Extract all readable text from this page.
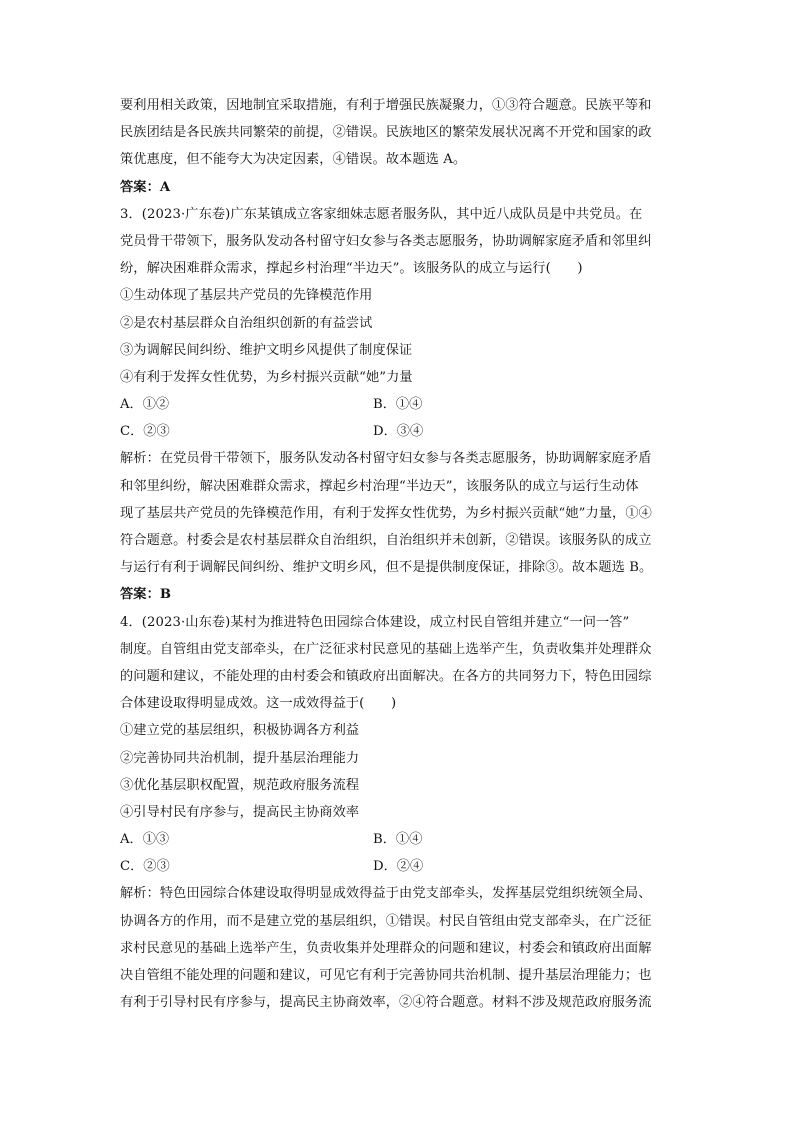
要利用相关政策，因地制宜采取措施，有利于增强民族凝聚力，①③符合题意。民族平等和
民族团结是各民族共同繁荣的前提，②错误。民族地区的繁荣发展状况离不开党和国家的政
策优惠度，但不能夸大为决定因素，④错误。故本题选 A。
答案：A
3．(2023·广东卷)广东某镇成立客家细妹志愿者服务队，其中近八成队员是中共党员。在
党员骨干带领下，服务队发动各村留守妇女参与各类志愿服务，协助调解家庭矛盾和邻里纠
纷，解决困难群众需求，撑起乡村治理“半边天”。该服务队的成立与运行(　　)
①生动体现了基层共产党员的先锋模范作用
②是农村基层群众自治组织创新的有益尝试
③为调解民间纠纷、维护文明乡风提供了制度保证
④有利于发挥女性优势，为乡村振兴贡献“她”力量
A．①②	B．①④
C．②③	D．③④
解析：在党员骨干带领下，服务队发动各村留守妇女参与各类志愿服务，协助调解家庭矛盾
和邻里纠纷，解决困难群众需求，撑起乡村治理“半边天”，该服务队的成立与运行生动体
现了基层共产党员的先锋模范作用，有利于发挥女性优势，为乡村振兴贡献“她”力量，①④
符合题意。村委会是农村基层群众自治组织，自治组织并未创新，②错误。该服务队的成立
与运行有利于调解民间纠纷、维护文明乡风，但不是提供制度保证，排除③。故本题选 B。
答案：B
4．(2023·山东卷)某村为推进特色田园综合体建设，成立村民自管组并建立“一问一答”
制度。自管组由党支部牵头，在广泛征求村民意见的基础上选举产生，负责收集并处理群众
的问题和建议，不能处理的由村委会和镇政府出面解决。在各方的共同努力下，特色田园综
合体建设取得明显成效。这一成效得益于(　　)
①建立党的基层组织，积极协调各方利益
②完善协同共治机制，提升基层治理能力
③优化基层职权配置，规范政府服务流程
④引导村民有序参与，提高民主协商效率
A．①③	B．①④
C．②③	D．②④
解析：特色田园综合体建设取得明显成效得益于由党支部牵头，发挥基层党组织统领全局、
协调各方的作用，而不是建立党的基层组织，①错误。村民自管组由党支部牵头，在广泛征
求村民意见的基础上选举产生，负责收集并处理群众的问题和建议，村委会和镇政府出面解
决自管组不能处理的问题和建议，可见它有利于完善协同共治机制、提升基层治理能力；也
有利于引导村民有序参与，提高民主协商效率，②④符合题意。材料不涉及规范政府服务流
